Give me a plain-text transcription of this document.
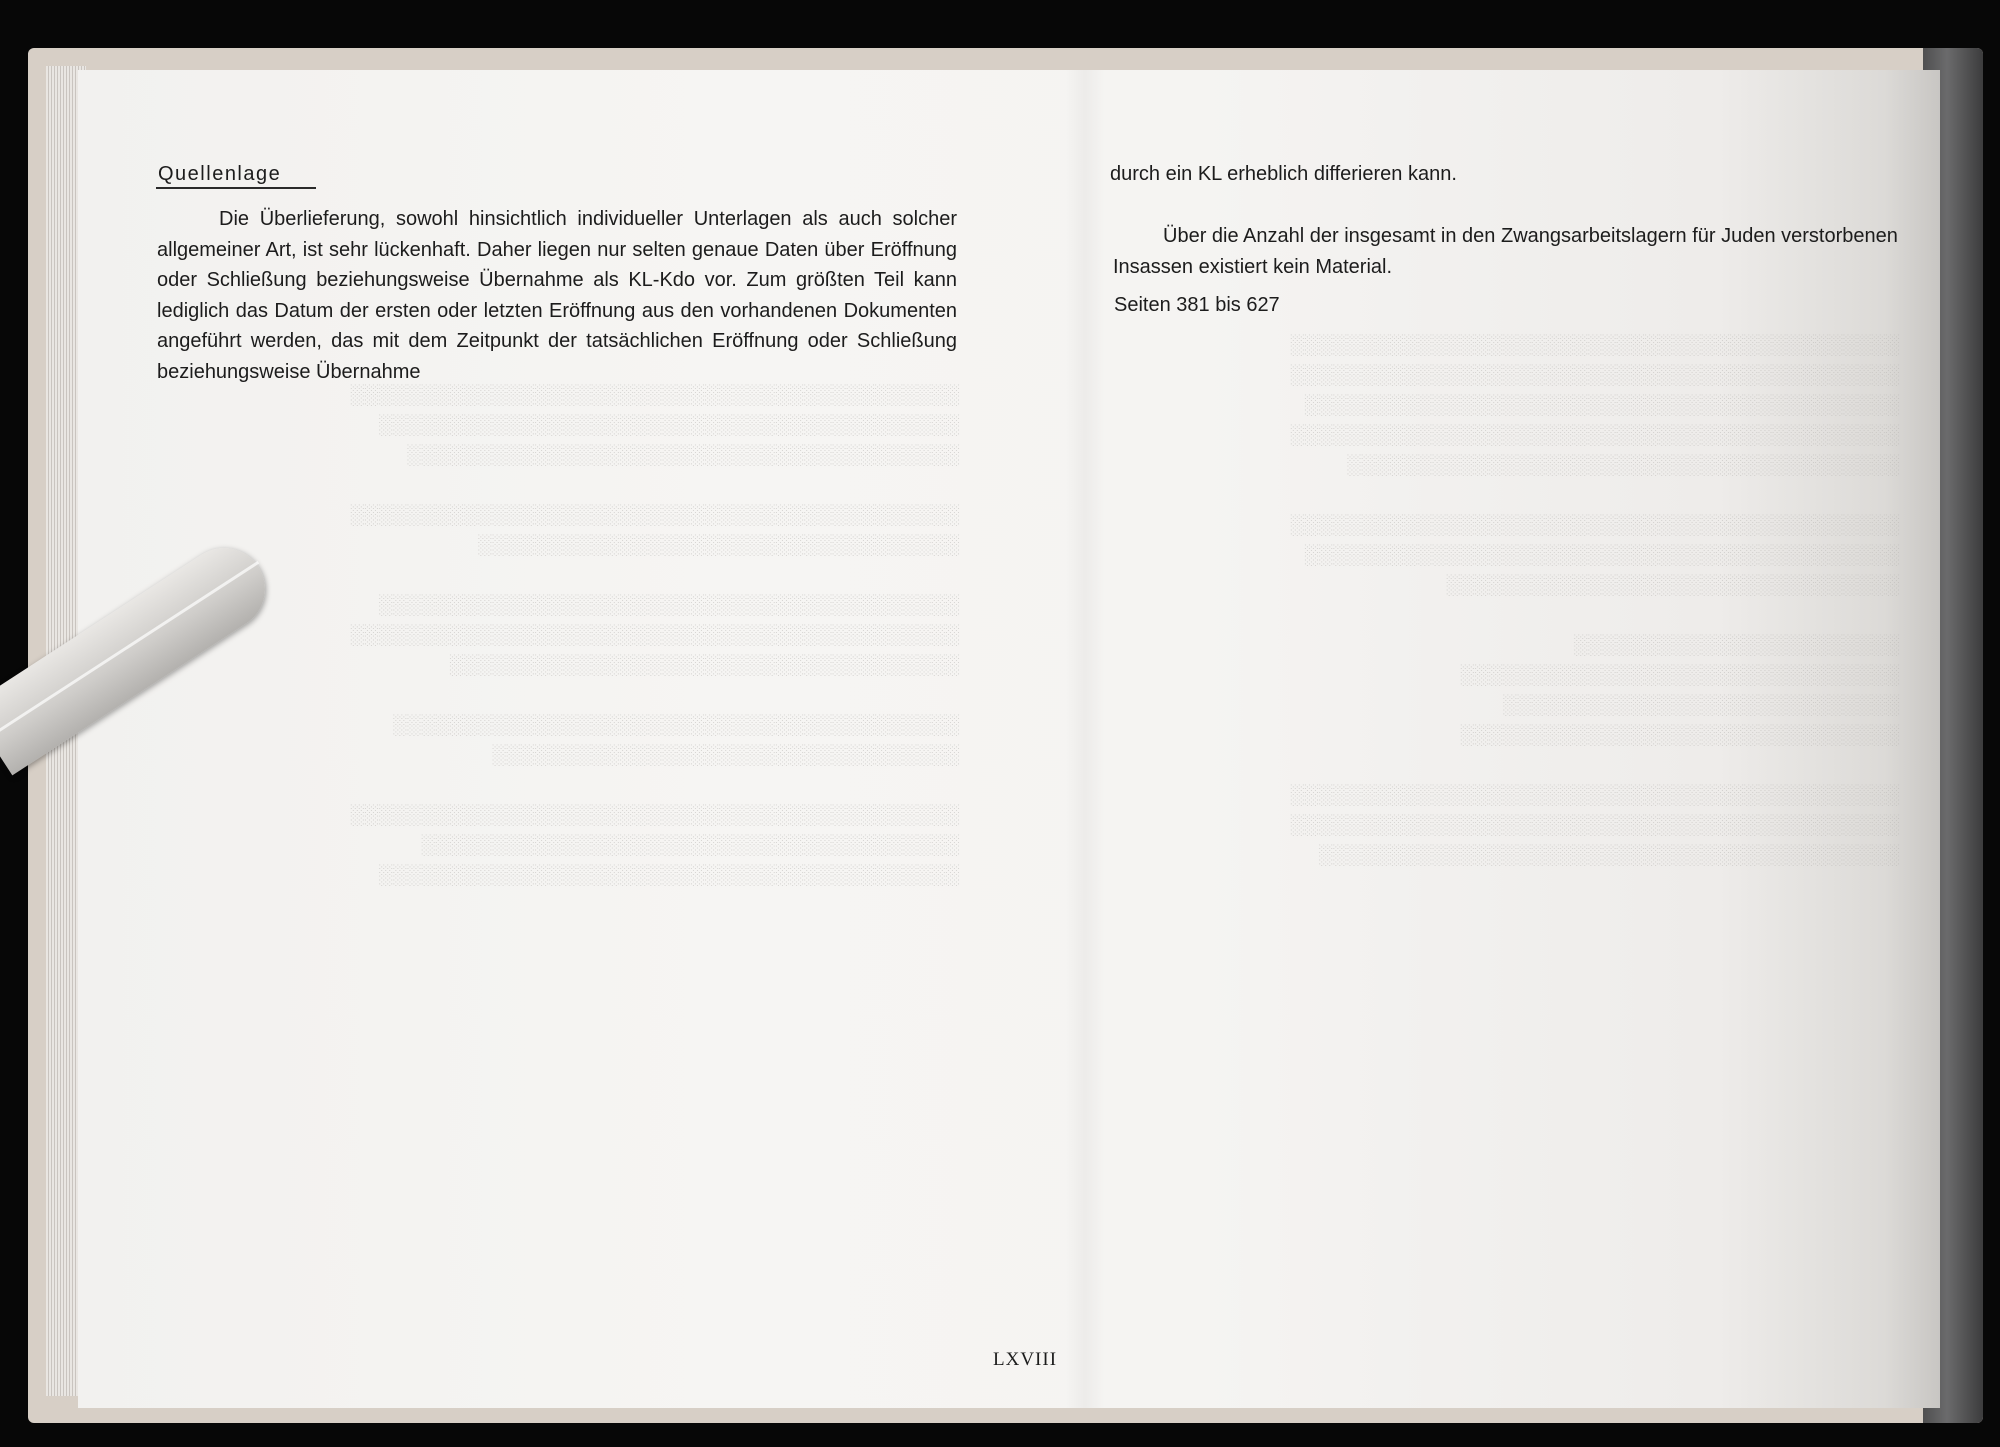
░░░░░░░░░░░░░░░░░░░░░░░░░░░░░░░░░░░░░░░░░░░
░░░░░░░░░░░░░░░░░░░░░░░░░░░░░░░░░░░░░░░░░
░░░░░░░░░░░░░░░░░░░░░░░░░░░░░░░░░░░░░░░

░░░░░░░░░░░░░░░░░░░░░░░░░░░░░░░░░░░░░░░░░░░
░░░░░░░░░░░░░░░░░░░░░░░░░░░░░░░░░░

░░░░░░░░░░░░░░░░░░░░░░░░░░░░░░░░░░░░░░░░░
░░░░░░░░░░░░░░░░░░░░░░░░░░░░░░░░░░░░░░░░░░░
░░░░░░░░░░░░░░░░░░░░░░░░░░░░░░░░░░░░

░░░░░░░░░░░░░░░░░░░░░░░░░░░░░░░░░░░░░░░░
░░░░░░░░░░░░░░░░░░░░░░░░░░░░░░░░░

░░░░░░░░░░░░░░░░░░░░░░░░░░░░░░░░░░░░░░░░░░░
░░░░░░░░░░░░░░░░░░░░░░░░░░░░░░░░░░░░░░
░░░░░░░░░░░░░░░░░░░░░░░░░░░░░░░░░░░░░░░░░
░░░░░░░░░░░░░░░░░░░░░░░░░░░░░░░░░░░░░░░░░░░
░░░░░░░░░░░░░░░░░░░░░░░░░░░░░░░░░░░░░░░░░░░
░░░░░░░░░░░░░░░░░░░░░░░░░░░░░░░░░░░░░░░░░░
░░░░░░░░░░░░░░░░░░░░░░░░░░░░░░░░░░░░░░░░░░░
░░░░░░░░░░░░░░░░░░░░░░░░░░░░░░░░░░░░░░░

░░░░░░░░░░░░░░░░░░░░░░░░░░░░░░░░░░░░░░░░░░░
░░░░░░░░░░░░░░░░░░░░░░░░░░░░░░░░░░░░░░░░░░
░░░░░░░░░░░░░░░░░░░░░░░░░░░░░░░░

░░░░░░░░░░░░░░░░░░░░░░░
░░░░░░░░░░░░░░░░░░░░░░░░░░░░░░░
░░░░░░░░░░░░░░░░░░░░░░░░░░░░
░░░░░░░░░░░░░░░░░░░░░░░░░░░░░░░

░░░░░░░░░░░░░░░░░░░░░░░░░░░░░░░░░░░░░░░░░░░
░░░░░░░░░░░░░░░░░░░░░░░░░░░░░░░░░░░░░░░░░░░
░░░░░░░░░░░░░░░░░░░░░░░░░░░░░░░░░░░░░░░░░
Quellenlage

Die Überlieferung, sowohl hinsichtlich individueller Unterlagen als auch solcher allgemeiner Art, ist sehr lückenhaft. Daher liegen nur selten genaue Daten über Eröffnung oder Schließung beziehungsweise Übernahme als KL-Kdo vor. Zum größten Teil kann lediglich das Datum der ersten oder letzten Eröffnung aus den vorhandenen Dokumenten angeführt werden, das mit dem Zeitpunkt der tatsächlichen Eröffnung oder Schließung beziehungsweise Übernahme

durch ein KL erheblich differieren kann.

Über die Anzahl der insgesamt in den Zwangsarbeitslagern für Juden verstorbenen Insassen existiert kein Material.

Seiten 381 bis 627
LXVIII
